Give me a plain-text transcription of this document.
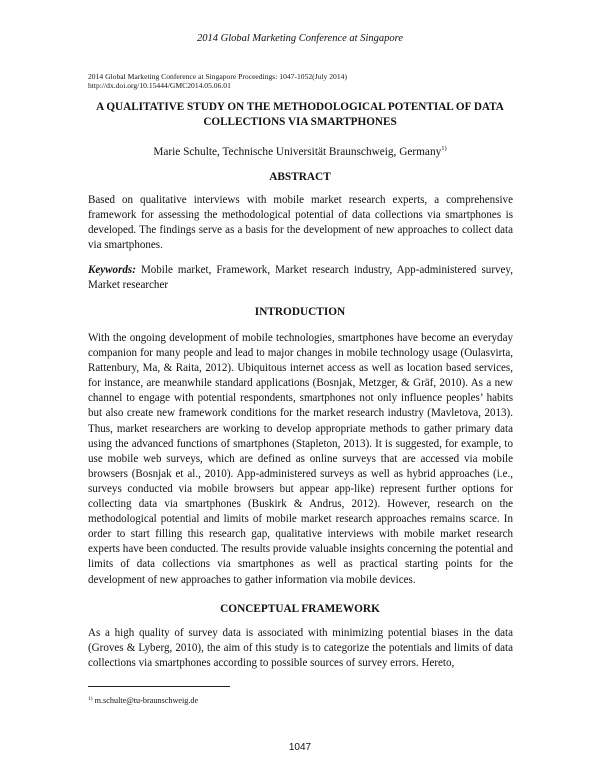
2014 Global Marketing Conference at Singapore
2014 Global Marketing Conference at Singapore Proceedings: 1047-1052(July 2014)
http://dx.doi.org/10.15444/GMC2014.05.06.01
A QUALITATIVE STUDY ON THE METHODOLOGICAL POTENTIAL OF DATA COLLECTIONS VIA SMARTPHONES
Marie Schulte, Technische Universität Braunschweig, Germany$^{1)}$
ABSTRACT

Based on qualitative interviews with mobile market research experts, a comprehensive framework for assessing the methodological potential of data collections via smartphones is developed. The findings serve as a basis for the development of new approaches to collect data via smartphones.

Keywords: Mobile market, Framework, Market research industry, App-administered survey, Market researcher

INTRODUCTION

With the ongoing development of mobile technologies, smartphones have become an everyday companion for many people and lead to major changes in mobile technology usage (Oulasvirta, Rattenbury, Ma, & Raita, 2012). Ubiquitous internet access as well as location based services, for instance, are meanwhile standard applications (Bosnjak, Metzger, & Gräf, 2010). As a new channel to engage with potential respondents, smartphones not only influence peoples’ habits but also create new framework conditions for the market research industry (Mavletova, 2013). Thus, market researchers are working to develop appropriate methods to gather primary data using the advanced functions of smartphones (Stapleton, 2013). It is suggested, for example, to use mobile web surveys, which are defined as online surveys that are accessed via mobile browsers (Bosnjak et al., 2010). App-administered surveys as well as hybrid approaches (i.e., surveys conducted via mobile browsers but appear app-like) represent further options for collecting data via smartphones (Buskirk & Andrus, 2012). However, research on the methodological potential and limits of mobile market research approaches remains scarce. In order to start filling this research gap, qualitative interviews with mobile market research experts have been conducted. The results provide valuable insights concerning the potential and limits of data collections via smartphones as well as practical starting points for the development of new approaches to gather information via mobile devices.

CONCEPTUAL FRAMEWORK

As a high quality of survey data is associated with minimizing potential biases in the data (Groves & Lyberg, 2010), the aim of this study is to categorize the potentials and limits of data collections via smartphones according to possible sources of survey errors. Hereto,

$^{1)}$ m.schulte@tu-braunschweig.de
1047
